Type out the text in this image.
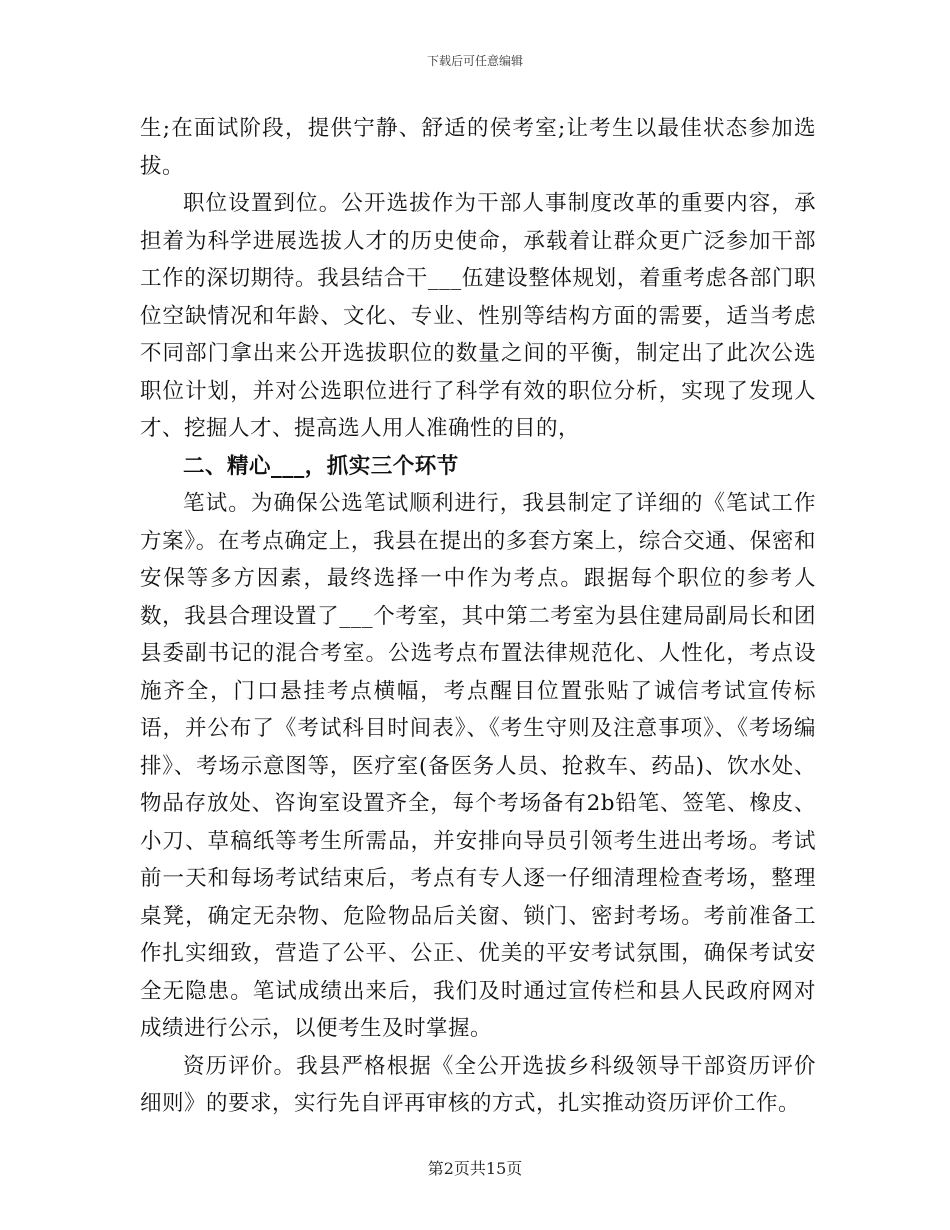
下载后可任意编辑

生;在面试阶段，提供宁静、舒适的侯考室;让考生以最佳状态参加选拔。

职位设置到位。公开选拔作为干部人事制度改革的重要内容，承担着为科学进展选拔人才的历史使命，承载着让群众更广泛参加干部工作的深切期待。我县结合干___伍建设整体规划，着重考虑各部门职位空缺情况和年龄、文化、专业、性别等结构方面的需要，适当考虑不同部门拿出来公开选拔职位的数量之间的平衡，制定出了此次公选职位计划，并对公选职位进行了科学有效的职位分析，实现了发现人才、挖掘人才、提高选人用人准确性的目的，

二、精心___，抓实三个环节

笔试。为确保公选笔试顺利进行，我县制定了详细的《笔试工作方案》。在考点确定上，我县在提出的多套方案上，综合交通、保密和安保等多方因素，最终选择一中作为考点。跟据每个职位的参考人数，我县合理设置了___个考室，其中第二考室为县住建局副局长和团县委副书记的混合考室。公选考点布置法律规范化、人性化，考点设施齐全，门口悬挂考点横幅，考点醒目位置张贴了诚信考试宣传标语，并公布了《考试科目时间表》、《考生守则及注意事项》、《考场编排》、考场示意图等，医疗室(备医务人员、抢救车、药品)、饮水处、物品存放处、咨询室设置齐全，每个考场备有2b铅笔、签笔、橡皮、小刀、草稿纸等考生所需品，并安排向导员引领考生进出考场。考试前一天和每场考试结束后，考点有专人逐一仔细清理检查考场，整理桌凳，确定无杂物、危险物品后关窗、锁门、密封考场。考前准备工作扎实细致，营造了公平、公正、优美的平安考试氛围，确保考试安全无隐患。笔试成绩出来后，我们及时通过宣传栏和县人民政府网对成绩进行公示，以便考生及时掌握。

资历评价。我县严格根据《全公开选拔乡科级领导干部资历评价细则》的要求，实行先自评再审核的方式，扎实推动资历评价工作。

第2页共15页
